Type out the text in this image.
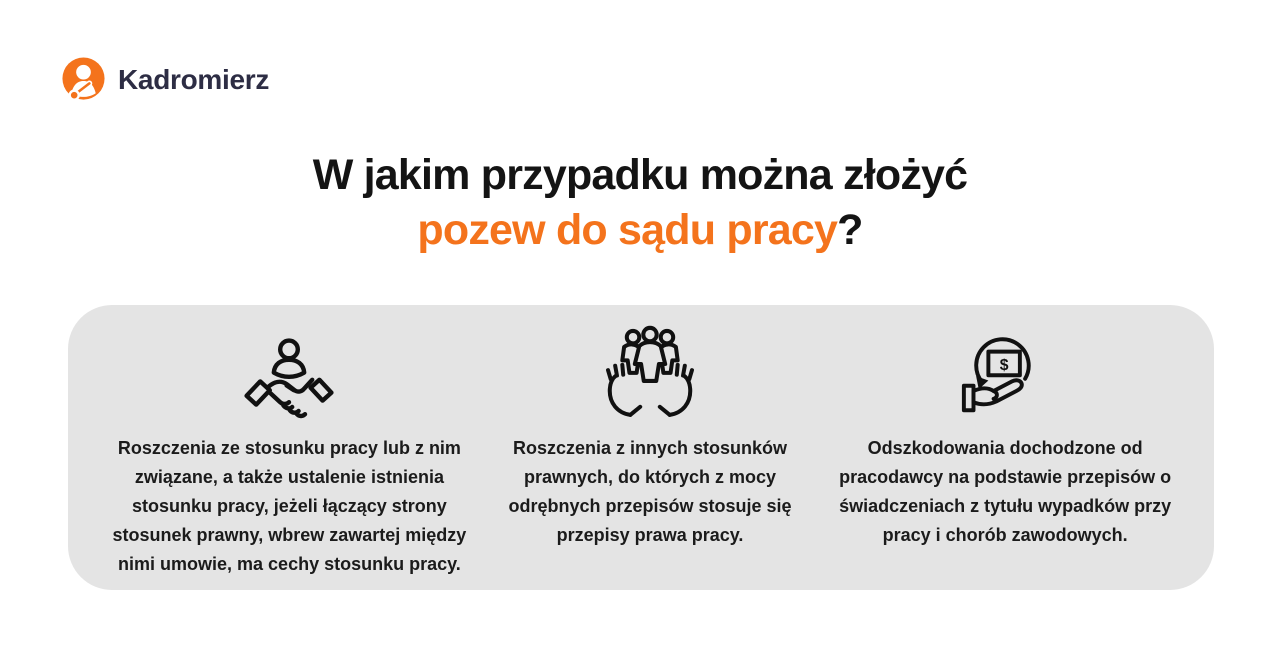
Kadromierz
W jakim przypadku można złożyć
pozew do sądu pracy?
Roszczenia ze stosunku pracy lub z nim związane, a także ustalenie istnienia stosunku pracy, jeżeli łączący strony stosunek prawny, wbrew zawartej między nimi umowie, ma cechy stosunku pracy.
Roszczenia z innych stosunków prawnych, do których z mocy odrębnych przepisów stosuje się przepisy prawa pracy.
$
Odszkodowania dochodzone od pracodawcy na podstawie przepisów o świadczeniach z tytułu wypadków przy pracy i chorób zawodowych.
